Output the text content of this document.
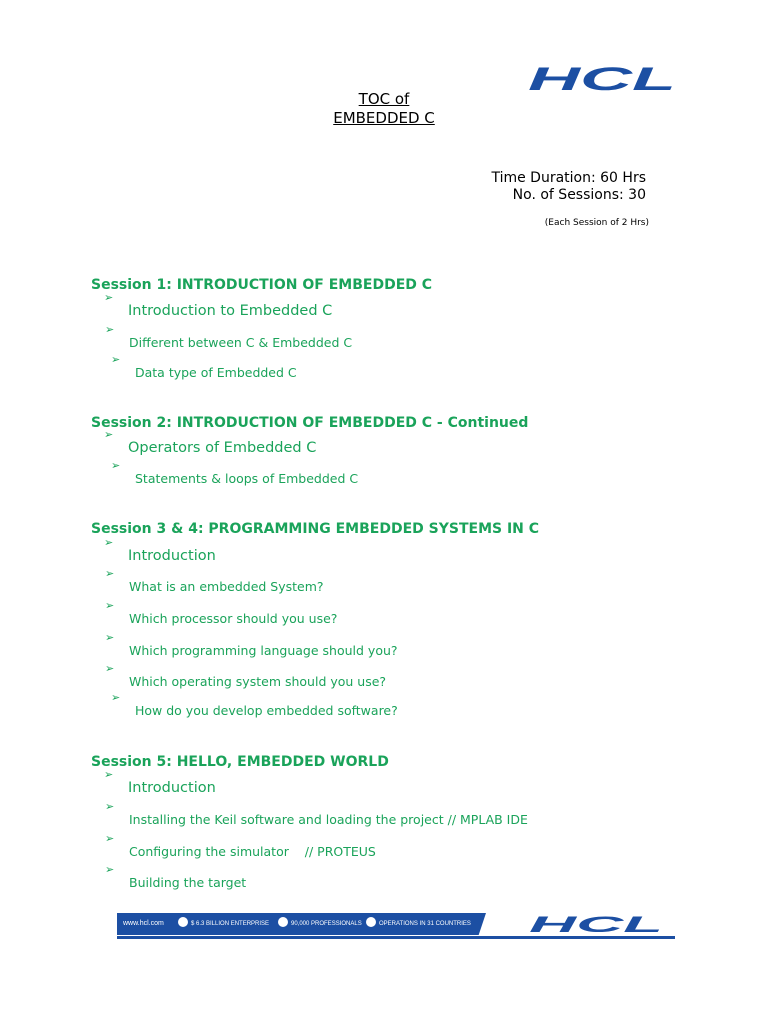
HCL
TOC of
EMBEDDED C
Time Duration: 60 Hrs
No. of Sessions: 30
(Each Session of 2 Hrs)
Session 1: INTRODUCTION OF EMBEDDED C
➢
Introduction to Embedded C
➢
Different between C & Embedded C
➢
Data type of Embedded C
Session 2: INTRODUCTION OF EMBEDDED C - Continued
➢
Operators of Embedded C
➢
Statements & loops of Embedded C
Session 3 & 4: PROGRAMMING EMBEDDED SYSTEMS IN C
➢
Introduction
➢
What is an embedded System?
➢
Which processor should you use?
➢
Which programming language should you?
➢
Which operating system should you use?
➢
How do you develop embedded software?
Session 5: HELLO, EMBEDDED WORLD
➢
Introduction
➢
Installing the Keil software and loading the project // MPLAB IDE
➢
Configuring the simulator    // PROTEUS
➢
Building the target
www.hcl.com	$ 6.3 BILLION ENTERPRISE	90,000 PROFESSIONALS	OPERATIONS IN 31 COUNTRIES	HCL
